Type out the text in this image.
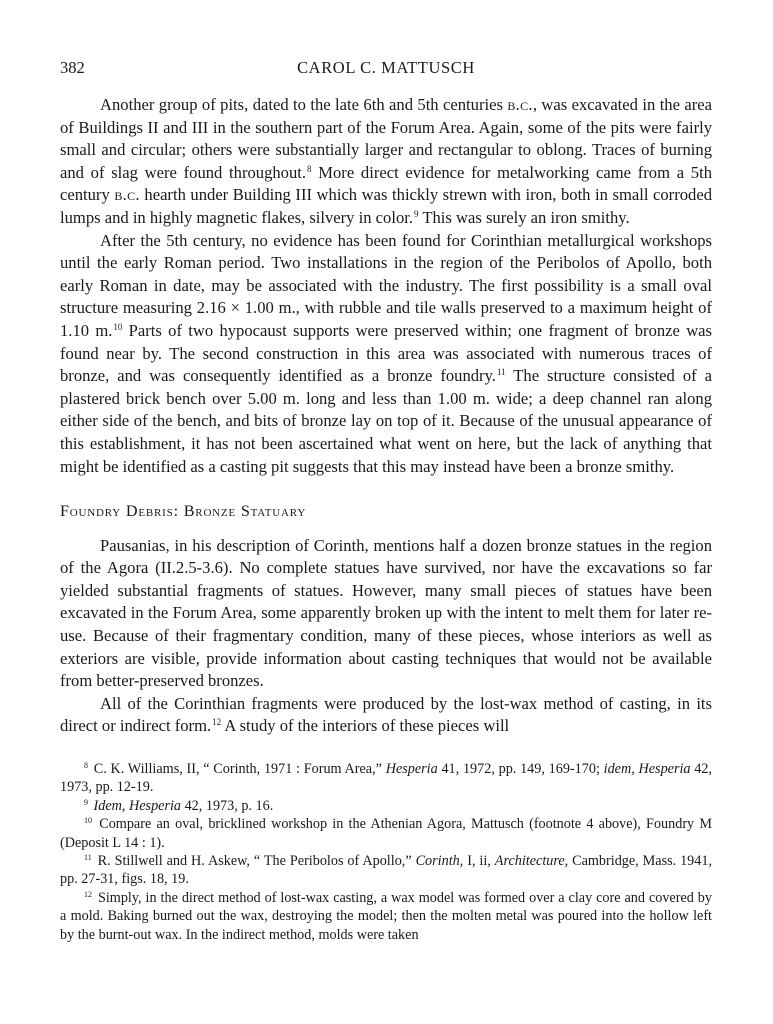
382	CAROL C. MATTUSCH

Another group of pits, dated to the late 6th and 5th centuries b.c., was excavated in the area of Buildings II and III in the southern part of the Forum Area. Again, some of the pits were fairly small and circular; others were substantially larger and rectangular to oblong. Traces of burning and of slag were found throughout.$^8$ More direct evidence for metalworking came from a 5th century b.c. hearth under Building III which was thickly strewn with iron, both in small corroded lumps and in highly magnetic flakes, silvery in color.$^9$ This was surely an iron smithy.

After the 5th century, no evidence has been found for Corinthian metallurgical workshops until the early Roman period. Two installations in the region of the Peribolos of Apollo, both early Roman in date, may be associated with the industry. The first possibility is a small oval structure measuring 2.16 × 1.00 m., with rubble and tile walls preserved to a maximum height of 1.10 m.$^{10}$ Parts of two hypocaust supports were preserved within; one fragment of bronze was found near by. The second construction in this area was associated with numerous traces of bronze, and was consequently identified as a bronze foundry.$^{11}$ The structure consisted of a plastered brick bench over 5.00 m. long and less than 1.00 m. wide; a deep channel ran along either side of the bench, and bits of bronze lay on top of it. Because of the unusual appearance of this establishment, it has not been ascertained what went on here, but the lack of anything that might be identified as a casting pit suggests that this may instead have been a bronze smithy.

Foundry Debris: Bronze Statuary

Pausanias, in his description of Corinth, mentions half a dozen bronze statues in the region of the Agora (II.2.5-3.6). No complete statues have survived, nor have the excavations so far yielded substantial fragments of statues. However, many small pieces of statues have been excavated in the Forum Area, some apparently broken up with the intent to melt them for later re-use. Because of their fragmentary condition, many of these pieces, whose interiors as well as exteriors are visible, provide information about casting techniques that would not be available from better-preserved bronzes.

All of the Corinthian fragments were produced by the lost-wax method of casting, in its direct or indirect form.$^{12}$ A study of the interiors of these pieces will

$^8$ C. K. Williams, II, “ Corinth, 1971 : Forum Area,” Hesperia 41, 1972, pp. 149, 169-170; idem, Hesperia 42, 1973, pp. 12-19.

$^9$ Idem, Hesperia 42, 1973, p. 16.

$^{10}$ Compare an oval, bricklined workshop in the Athenian Agora, Mattusch (footnote 4 above), Foundry M (Deposit L 14 : 1).

$^{11}$ R. Stillwell and H. Askew, “ The Peribolos of Apollo,” Corinth, I, ii, Architecture, Cambridge, Mass. 1941, pp. 27-31, figs. 18, 19.

$^{12}$ Simply, in the direct method of lost-wax casting, a wax model was formed over a clay core and covered by a mold. Baking burned out the wax, destroying the model; then the molten metal was poured into the hollow left by the burnt-out wax. In the indirect method, molds were taken
